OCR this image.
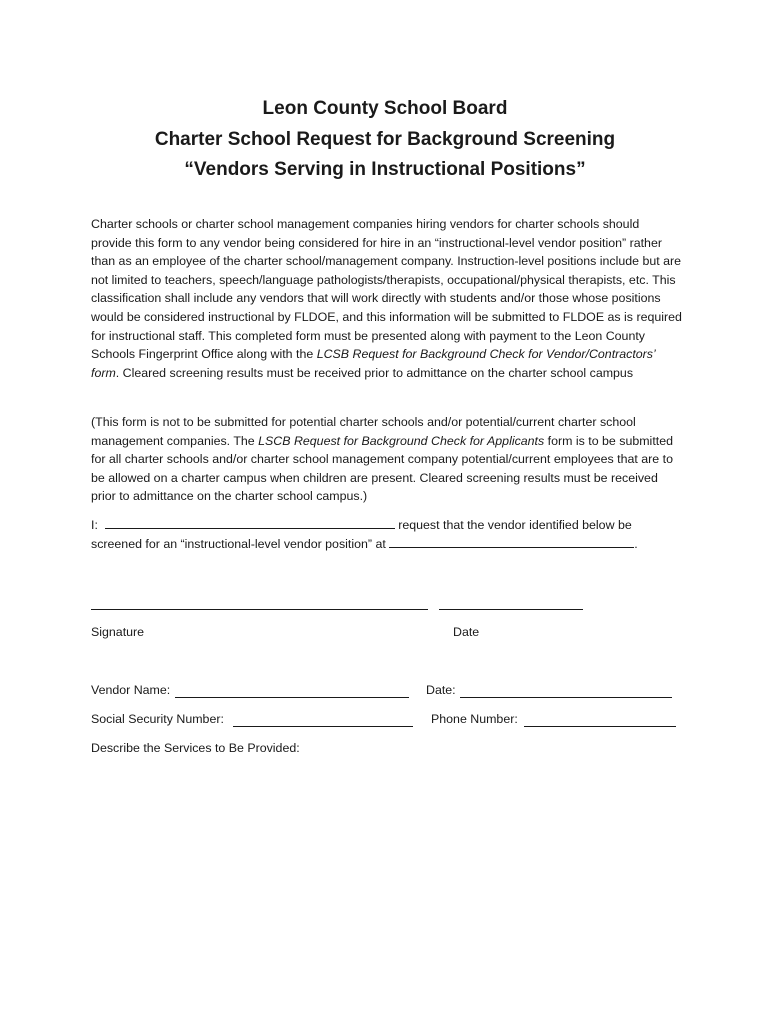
Leon County School Board
Charter School Request for Background Screening
“Vendors Serving in Instructional Positions”
Charter schools or charter school management companies hiring vendors for charter schools should provide this form to any vendor being considered for hire in an “instructional-level vendor position” rather than as an employee of the charter school/management company. Instruction-level positions include but are not limited to teachers, speech/language pathologists/therapists, occupational/physical therapists, etc. This classification shall include any vendors that will work directly with students and/or those whose positions would be considered instructional by FLDOE, and this information will be submitted to FLDOE as is required for instructional staff. This completed form must be presented along with payment to the Leon County Schools Fingerprint Office along with the LCSB Request for Background Check for Vendor/Contractors’ form. Cleared screening results must be received prior to admittance on the charter school campus
(This form is not to be submitted for potential charter schools and/or potential/current charter school management companies. The LSCB Request for Background Check for Applicants form is to be submitted for all charter schools and/or charter school management company potential/current employees that are to be allowed on a charter campus when children are present. Cleared screening results must be received prior to admittance on the charter school campus.)
I:	request that the vendor identified below be screened for an “instructional-level vendor position” at	.
Signature	Date
Vendor Name:	Date:
Social Security Number:	Phone Number:
Describe the Services to Be Provided:
